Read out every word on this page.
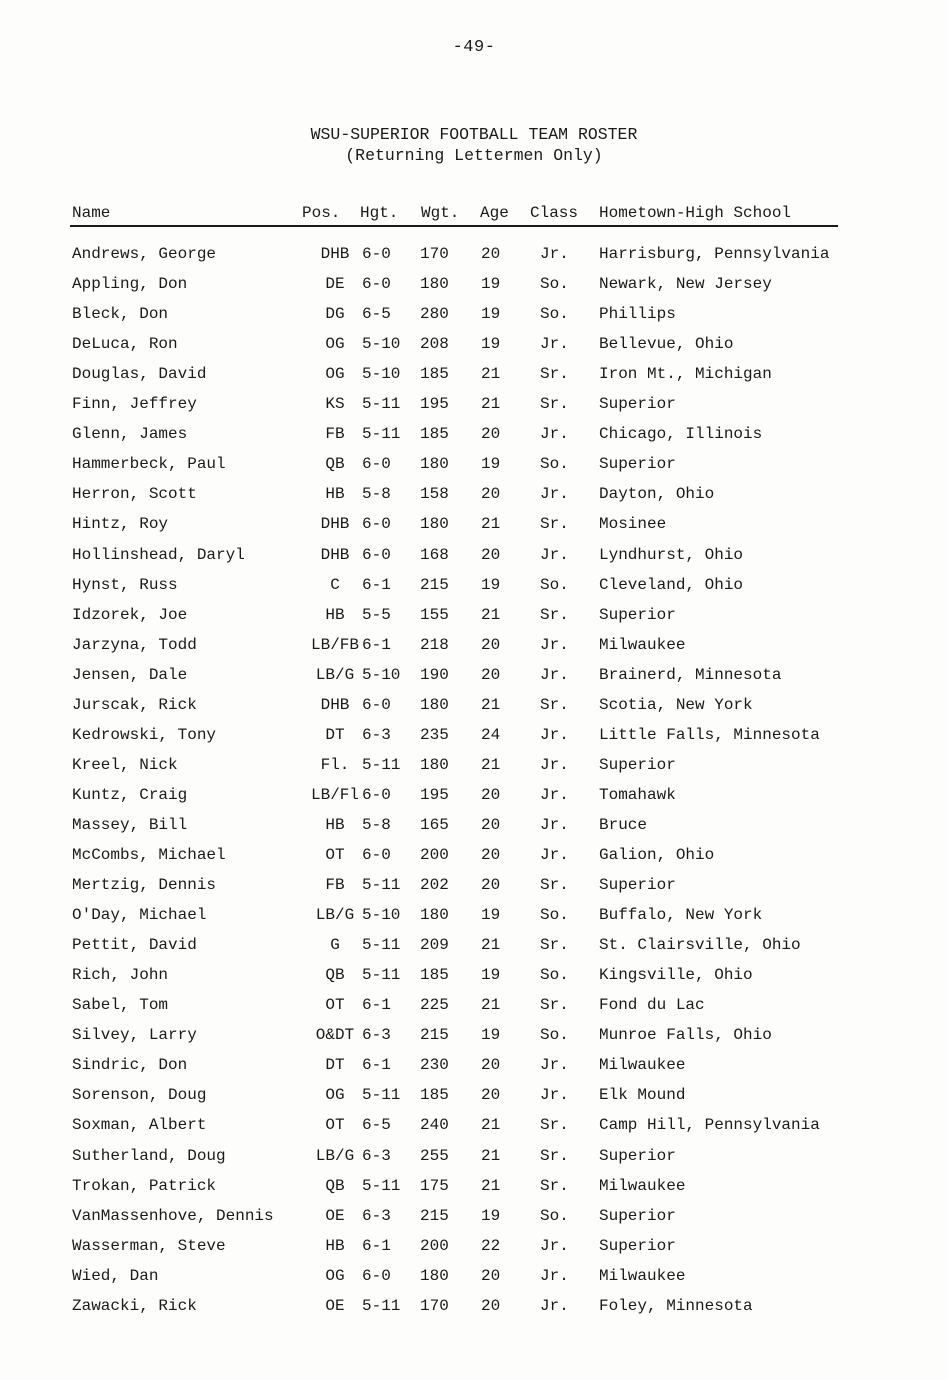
-49-
WSU-SUPERIOR FOOTBALL TEAM ROSTER
(Returning Lettermen Only)
Name	Pos. Hgt. Wgt. Age Class Hometown-High School
Andrews, George	DHB 6-0 170 20 Jr. Harrisburg, Pennsylvania
Appling, Don	DE	6-0 180 19 So. Newark, New Jersey
Bleck, Don	DG	6-5 280 19 So. Phillips
DeLuca, Ron	OG	5-10 208 19 Jr. Bellevue, Ohio
Douglas, David	OG	5-10 185 21 Sr. Iron Mt., Michigan
Finn, Jeffrey	KS	5-11 195 21 Sr. Superior
Glenn, James	FB	5-11 185 20 Jr. Chicago, Illinois
Hammerbeck, Paul	QB	6-0 180 19 So. Superior
Herron, Scott	HB	5-8 158 20 Jr. Dayton, Ohio
Hintz, Roy	DHB 6-0 180 21 Sr. Mosinee
Hollinshead, Daryl	DHB 6-0 168 20 Jr. Lyndhurst, Ohio
Hynst, Russ	C	6-1 215 19 So. Cleveland, Ohio
Idzorek, Joe	HB	5-5 155 21 Sr. Superior
Jarzyna, Todd	LB/FB 6-1 218 20 Jr. Milwaukee
Jensen, Dale	LB/G 5-10 190 20 Jr. Brainerd, Minnesota
Jurscak, Rick	DHB 6-0 180 21 Sr. Scotia, New York
Kedrowski, Tony	DT	6-3 235 24 Jr. Little Falls, Minnesota
Kreel, Nick	Fl. 5-11 180 21 Jr. Superior
Kuntz, Craig	LB/Fl 6-0 195 20 Jr. Tomahawk
Massey, Bill	HB	5-8 165 20 Jr. Bruce
McCombs, Michael	OT	6-0 200 20 Jr. Galion, Ohio
Mertzig, Dennis	FB	5-11 202 20 Sr. Superior
O'Day, Michael	LB/G 5-10 180 19 So. Buffalo, New York
Pettit, David	G	5-11 209 21 Sr. St. Clairsville, Ohio
Rich, John	QB	5-11 185 19 So. Kingsville, Ohio
Sabel, Tom	OT	6-1 225 21 Sr. Fond du Lac
Silvey, Larry	O&DT 6-3 215 19 So. Munroe Falls, Ohio
Sindric, Don	DT	6-1 230 20 Jr. Milwaukee
Sorenson, Doug	OG	5-11 185 20 Jr. Elk Mound
Soxman, Albert	OT	6-5 240 21 Sr. Camp Hill, Pennsylvania
Sutherland, Doug	LB/G 6-3 255 21 Sr. Superior
Trokan, Patrick	QB	5-11 175 21 Sr. Milwaukee
VanMassenhove, Dennis	OE	6-3 215 19 So. Superior
Wasserman, Steve	HB	6-1 200 22 Jr. Superior
Wied, Dan	OG	6-0 180 20 Jr. Milwaukee
Zawacki, Rick	OE	5-11 170 20 Jr. Foley, Minnesota
